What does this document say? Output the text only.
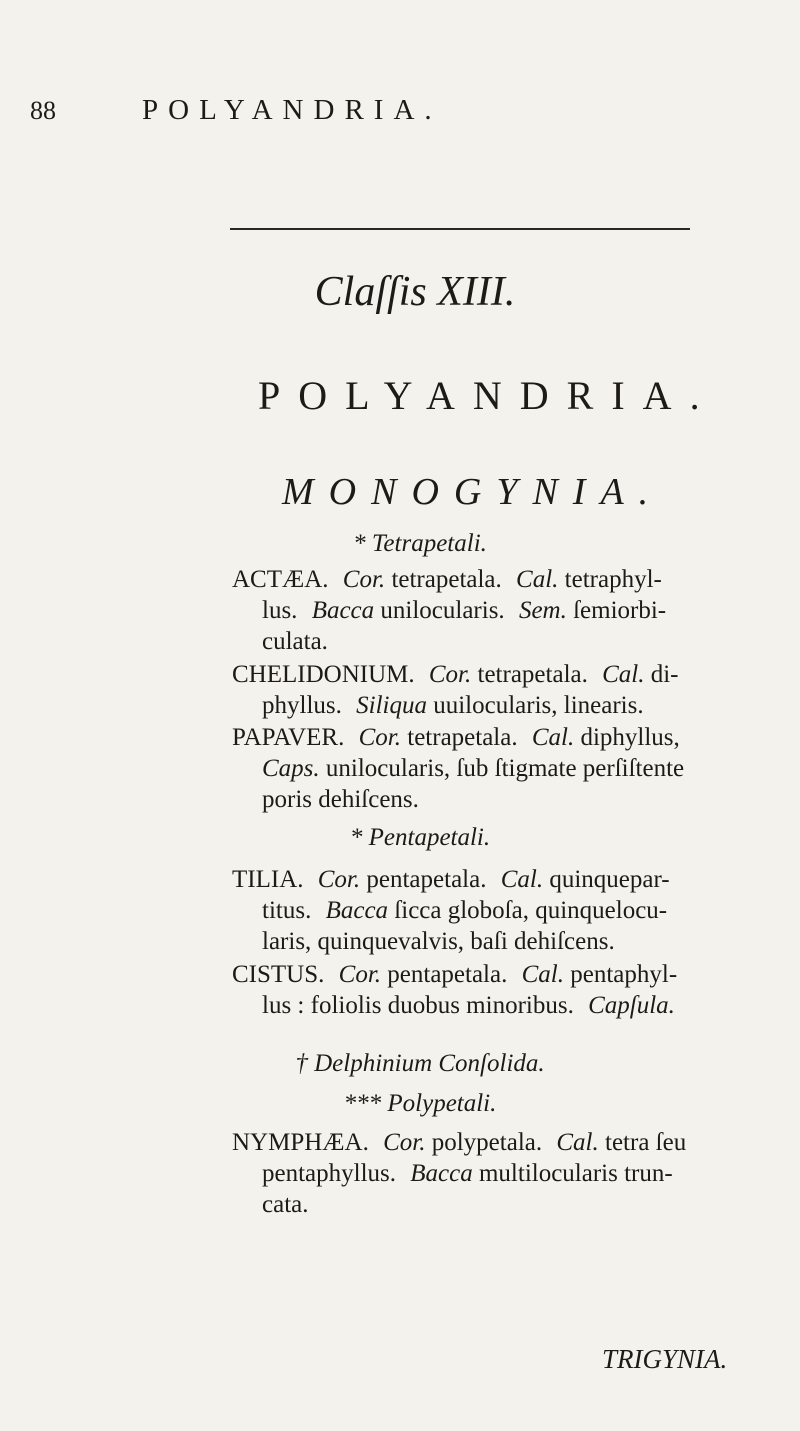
88	POLYANDRIA.
Claſſis XIII.
POLYANDRIA.
MONOGYNIA.
* Tetrapetali.

ACTÆA. Cor. tetrapetala. Cal. tetraphyl-

lus. Bacca unilocularis. Sem. ſemiorbi-

culata.

CHELIDONIUM. Cor. tetrapetala. Cal. di-

phyllus. Siliqua uuilocularis, linearis.

PAPAVER. Cor. tetrapetala. Cal. diphyllus,

Caps. unilocularis, ſub ſtigmate perſiſtente

poris dehiſcens.

* Pentapetali.

TILIA. Cor. pentapetala. Cal. quinquepar-

titus. Bacca ſicca globoſa, quinquelocu-

laris, quinquevalvis, baſi dehiſcens.

CISTUS. Cor. pentapetala. Cal. pentaphyl-

lus : foliolis duobus minoribus. Capſula.

† Delphinium Conſolida.
*** Polypetali.

NYMPHÆA. Cor. polypetala. Cal. tetra ſeu

pentaphyllus. Bacca multilocularis trun-

cata.

TRIGYNIA.
